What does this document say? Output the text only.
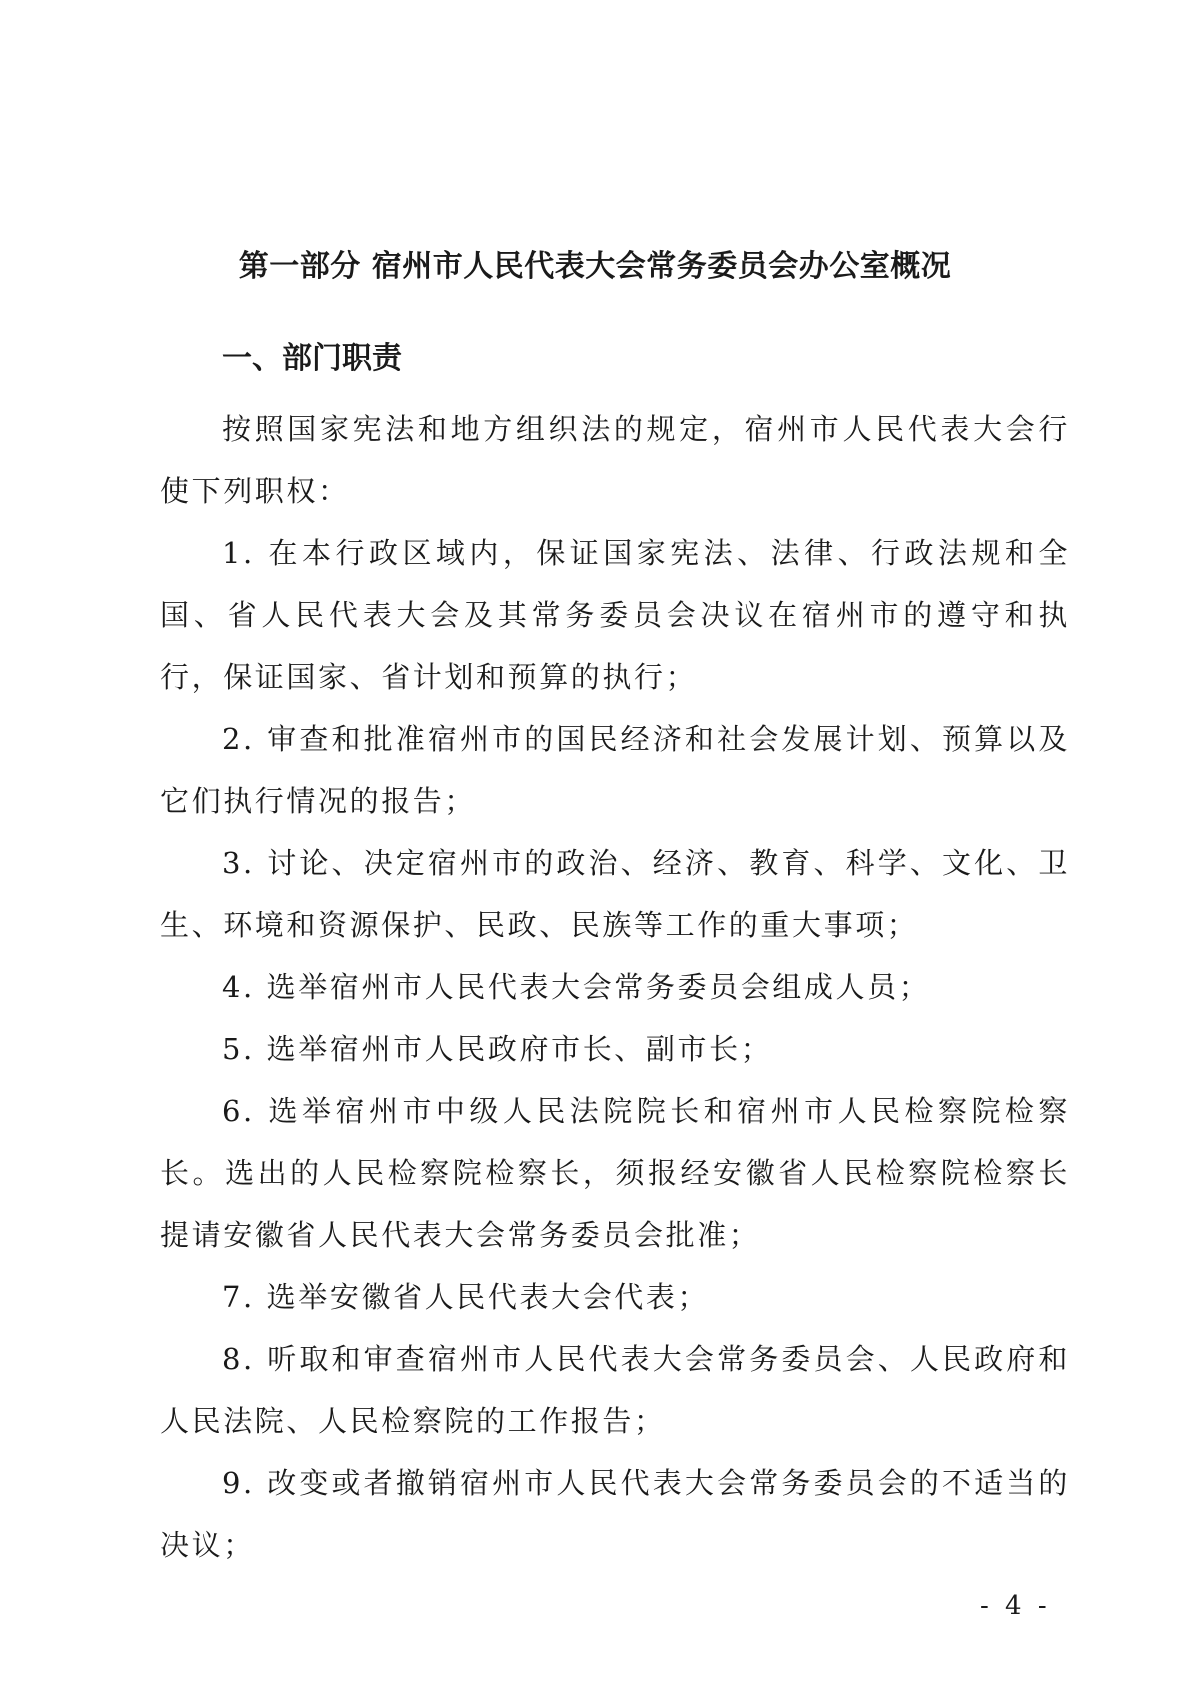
第一部分 宿州市人民代表大会常务委员会办公室概况
一、部门职责

按照国家宪法和地方组织法的规定，宿州市人民代表大会行使下列职权：

1. 在本行政区域内，保证国家宪法、法律、行政法规和全国、省人民代表大会及其常务委员会决议在宿州市的遵守和执行，保证国家、省计划和预算的执行；

2. 审查和批准宿州市的国民经济和社会发展计划、预算以及它们执行情况的报告；

3. 讨论、决定宿州市的政治、经济、教育、科学、文化、卫生、环境和资源保护、民政、民族等工作的重大事项；

4. 选举宿州市人民代表大会常务委员会组成人员；

5. 选举宿州市人民政府市长、副市长；

6. 选举宿州市中级人民法院院长和宿州市人民检察院检察长。选出的人民检察院检察长，须报经安徽省人民检察院检察长提请安徽省人民代表大会常务委员会批准；

7. 选举安徽省人民代表大会代表；

8. 听取和审查宿州市人民代表大会常务委员会、人民政府和人民法院、人民检察院的工作报告；

9. 改变或者撤销宿州市人民代表大会常务委员会的不适当的决议；

- 4 -
